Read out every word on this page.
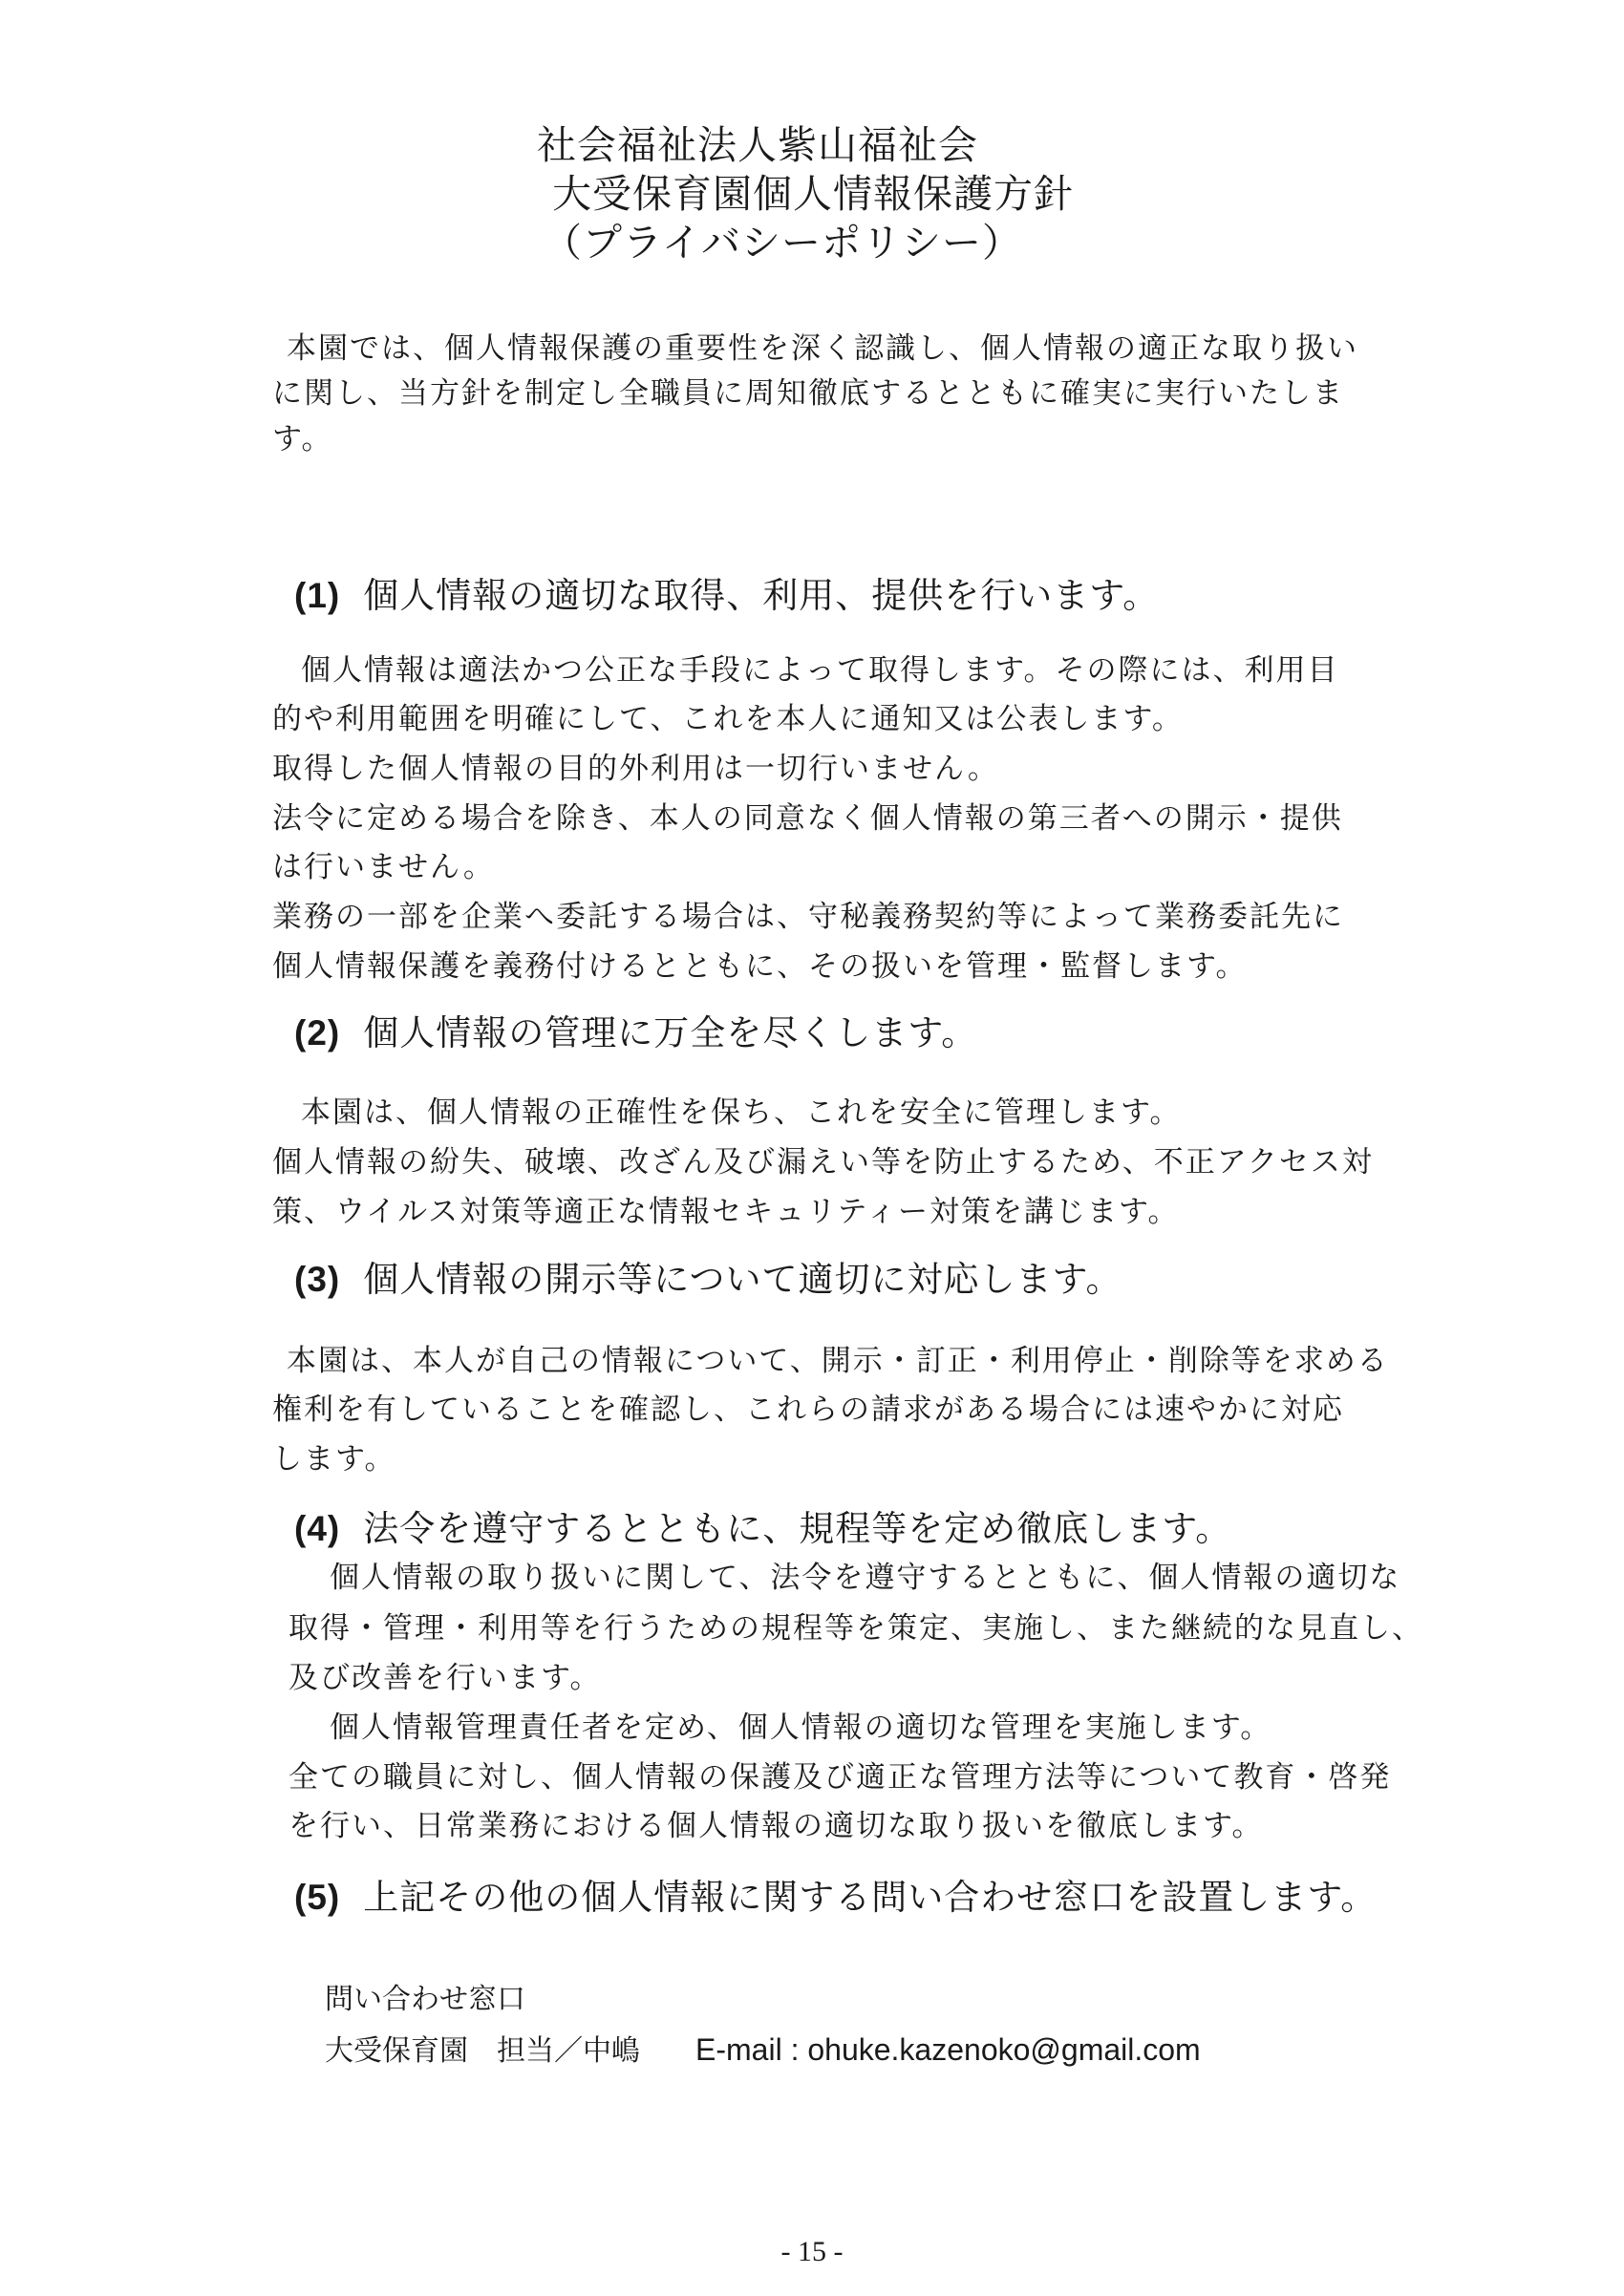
社会福祉法人紫山福祉会
大受保育園個人情報保護方針
（プライバシーポリシー）
本園では、個人情報保護の重要性を深く認識し、個人情報の適正な取り扱い
に関し、当方針を制定し全職員に周知徹底するとともに確実に実行いたしま
す。
(1) 個人情報の適切な取得、利用、提供を行います。
個人情報は適法かつ公正な手段によって取得します。その際には、利用目
的や利用範囲を明確にして、これを本人に通知又は公表します。
取得した個人情報の目的外利用は一切行いません。
法令に定める場合を除き、本人の同意なく個人情報の第三者への開示・提供
は行いません。
業務の一部を企業へ委託する場合は、守秘義務契約等によって業務委託先に
個人情報保護を義務付けるとともに、その扱いを管理・監督します。
(2) 個人情報の管理に万全を尽くします。
本園は、個人情報の正確性を保ち、これを安全に管理します。
個人情報の紛失、破壊、改ざん及び漏えい等を防止するため、不正アクセス対
策、ウイルス対策等適正な情報セキュリティー対策を講じます。
(3) 個人情報の開示等について適切に対応します。
本園は、本人が自己の情報について、開示・訂正・利用停止・削除等を求める
権利を有していることを確認し、これらの請求がある場合には速やかに対応
します。
(4) 法令を遵守するとともに、規程等を定め徹底します。
個人情報の取り扱いに関して、法令を遵守するとともに、個人情報の適切な
取得・管理・利用等を行うための規程等を策定、実施し、また継続的な見直し、
及び改善を行います。
個人情報管理責任者を定め、個人情報の適切な管理を実施します。
全ての職員に対し、個人情報の保護及び適正な管理方法等について教育・啓発
を行い、日常業務における個人情報の適切な取り扱いを徹底します。
(5) 上記その他の個人情報に関する問い合わせ窓口を設置します。
問い合わせ窓口
大受保育園　担当／中嶋 E-mail : ohuke.kazenoko@gmail.com
- 15 -
